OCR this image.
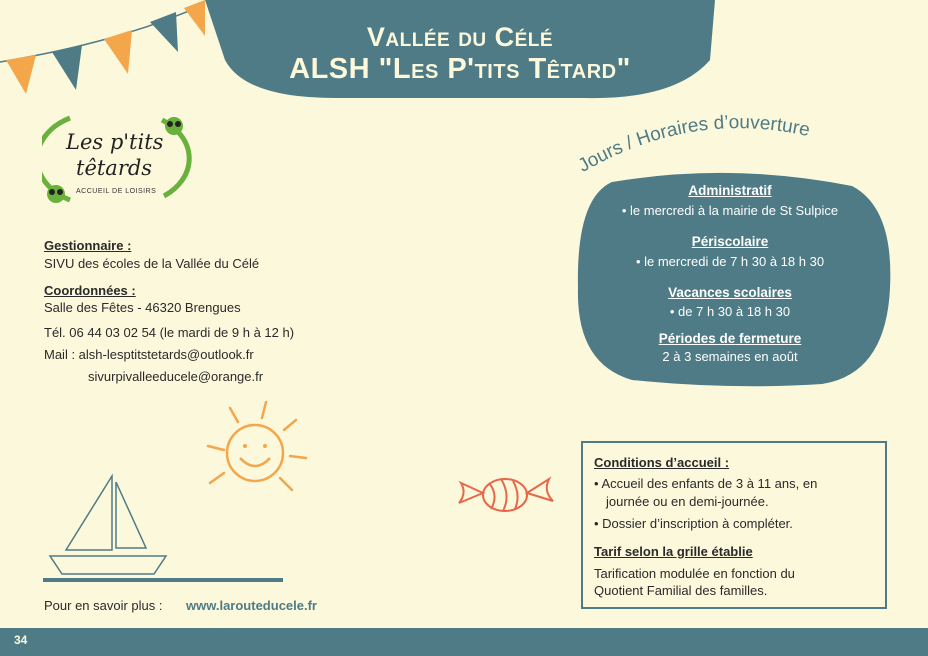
Vallée du Célé
ALSH "Les P'tits Têtard"
Les p'tits
têtards
ACCUEIL DE LOISIRS
Gestionnaire :
SIVU des écoles de la Vallée du Célé
Coordonnées :
Salle des Fêtes - 46320 Brengues
Tél. 06 44 03 02 54 (le mardi de 9 h à 12 h)
Mail : alsh-lesptitstetards@outlook.fr
sivurpivalleeducele@orange.fr
Pour en savoir plus : www.larouteducele.fr
Jours / Horaires d’ouverture
Administratif
• le mercredi à la mairie de St Sulpice
Périscolaire
• le mercredi de 7 h 30 à 18 h 30
Vacances scolaires
• de 7 h 30 à 18 h 30
Périodes de fermeture
2 à 3 semaines en août
Conditions d’accueil :
• Accueil des enfants de 3 à 11 ans, en
journée ou en demi-journée.
• Dossier d’inscription à compléter.
Tarif selon la grille établie
Tarification modulée en fonction du
Quotient Familial des familles.
34
